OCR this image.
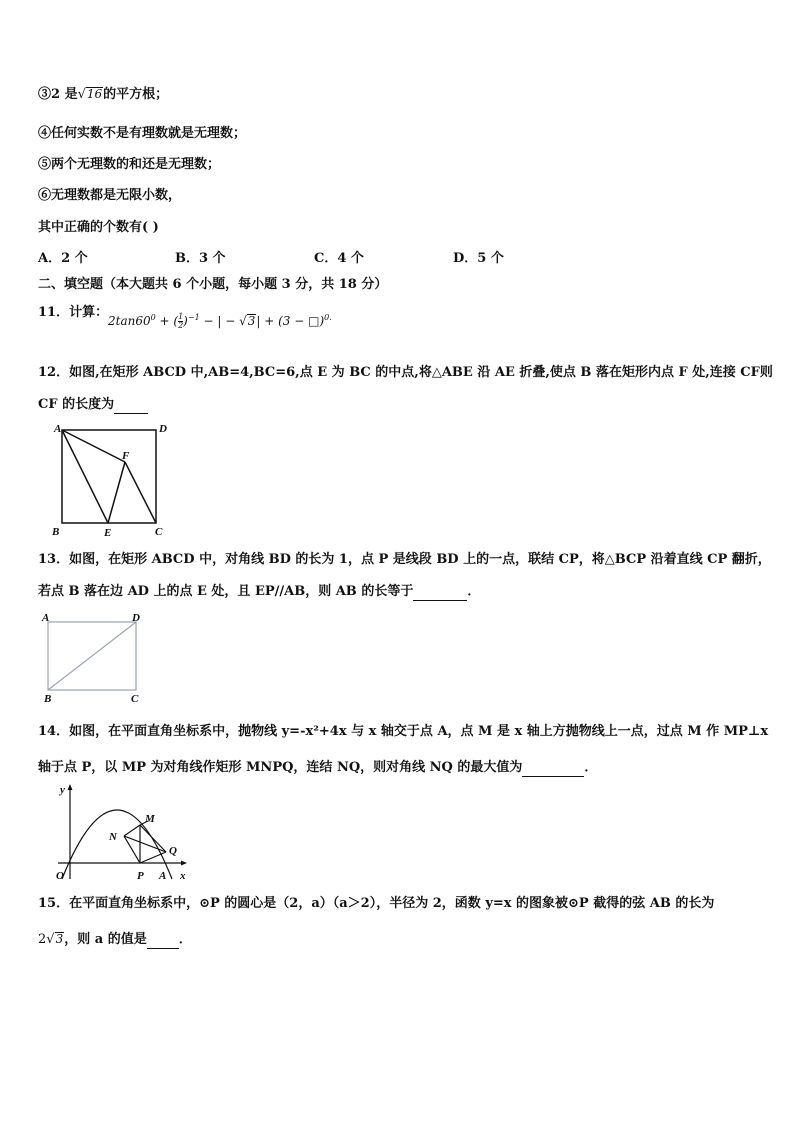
③2 是√16的平方根；
④任何实数不是有理数就是无理数；
⑤两个无理数的和还是无理数；
⑥无理数都是无限小数，
其中正确的个数有( )
A．2 个	B．3 个	C．4 个	D．5 个
二、填空题（本大题共 6 个小题，每小题 3 分，共 18 分）
11．计算：
$2\tan 60^0$ + ( $\frac{1}{2} )^{-1}$ − | − √3| + (3 − □)$^{0.}$
12．如图,在矩形 ABCD 中,AB=4,BC=6,点 E 为 BC 的中点,将△ABE 沿 AE 折叠,使点 B 落在矩形内点 F 处,连接 CF则
CF 的长度为
A	D
F
B	E	C
13．如图，在矩形 ABCD 中，对角线 BD 的长为 1，点 P 是线段 BD 上的一点，联结 CP，将△BCP 沿着直线 CP 翻折，
若点 B 落在边 AD 上的点 E 处，且 EP//AB，则 AB 的长等于	．
A	D
B	C
14．如图，在平面直角坐标系中，抛物线 y=-x²+4x 与 x 轴交于点 A，点 M 是 x 轴上方抛物线上一点，过点 M 作 MP⊥x
轴于点 P，以 MP 为对角线作矩形 MNPQ，连结 NQ，则对角线 NQ 的最大值为	．
y
x
O	P A
M
N
Q
15．在平面直角坐标系中，⊙P 的圆心是（2，a）（a＞2），半径为 2，函数 y=x 的图象被⊙P 截得的弦 AB 的长为
2√3，则 a 的值是 ．
